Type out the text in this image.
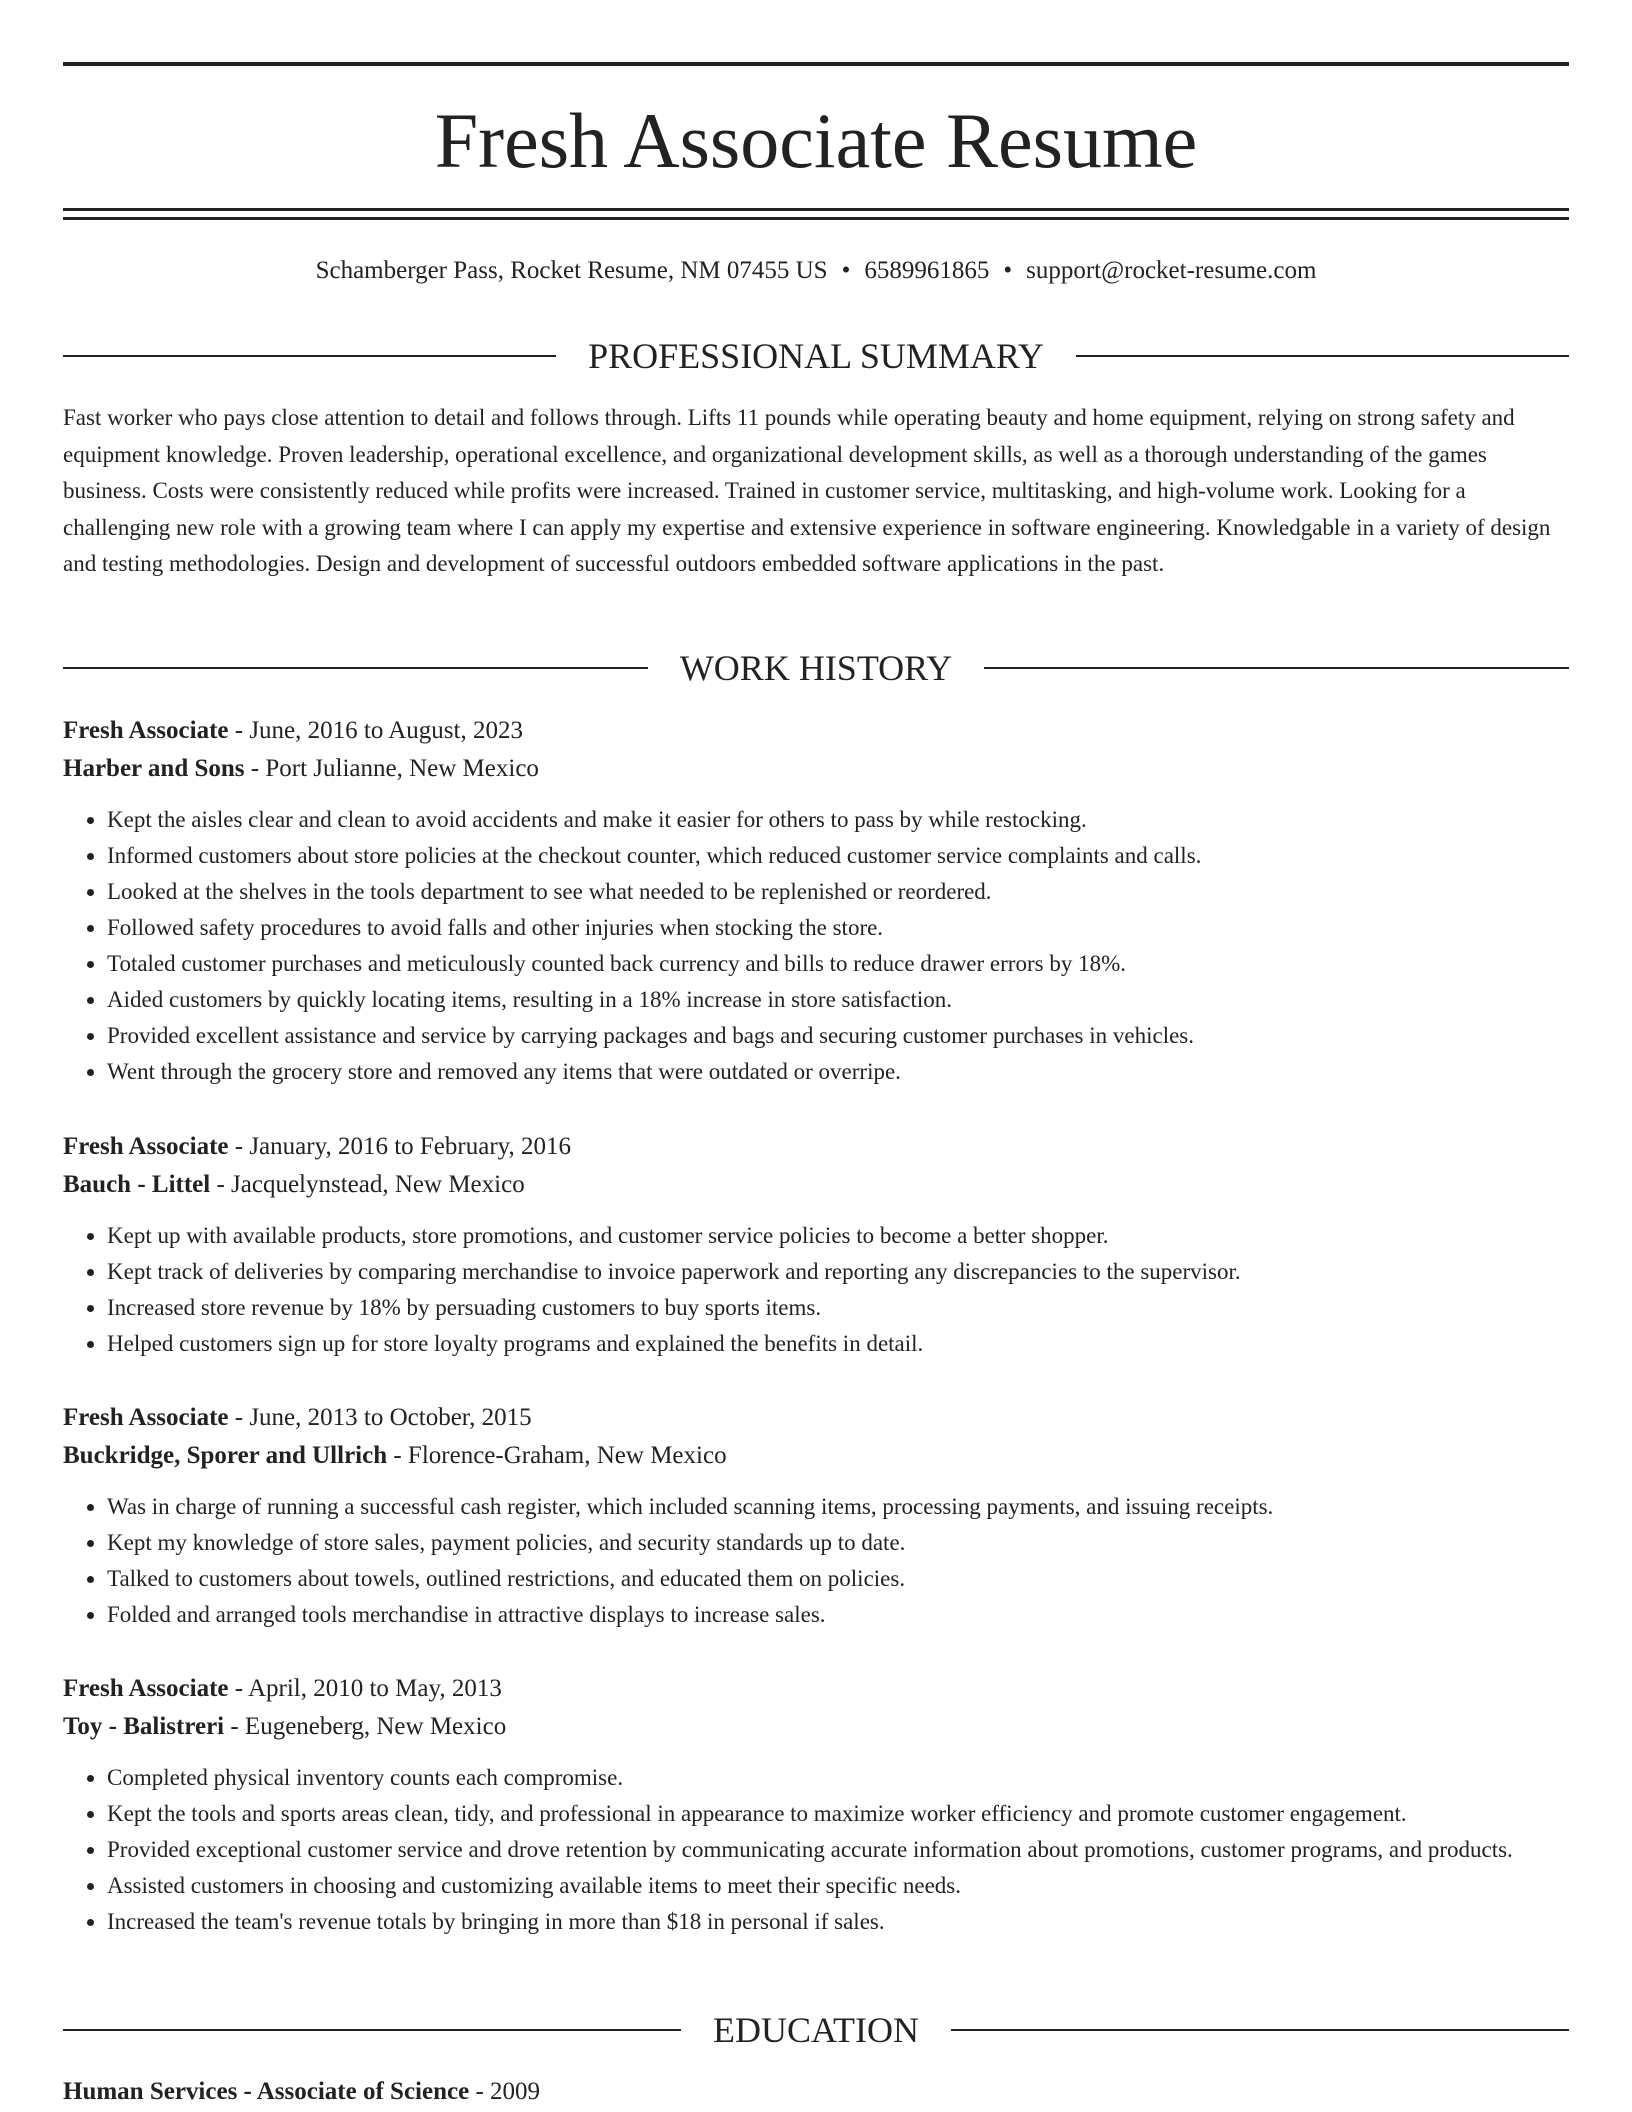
Fresh Associate Resume
Schamberger Pass, Rocket Resume, NM 07455 US • 6589961865 • support@rocket-resume.com
PROFESSIONAL SUMMARY

Fast worker who pays close attention to detail and follows through. Lifts 11 pounds while operating beauty and home equipment, relying on strong safety and equipment knowledge. Proven leadership, operational excellence, and organizational development skills, as well as a thorough understanding of the games business. Costs were consistently reduced while profits were increased. Trained in customer service, multitasking, and high-volume work. Looking for a challenging new role with a growing team where I can apply my expertise and extensive experience in software engineering. Knowledgable in a variety of design and testing methodologies. Design and development of successful outdoors embedded software applications in the past.

WORK HISTORY
Fresh Associate - June, 2016 to August, 2023
Harber and Sons - Port Julianne, New Mexico
• Kept the aisles clear and clean to avoid accidents and make it easier for others to pass by while restocking.
• Informed customers about store policies at the checkout counter, which reduced customer service complaints and calls.
• Looked at the shelves in the tools department to see what needed to be replenished or reordered.
• Followed safety procedures to avoid falls and other injuries when stocking the store.
• Totaled customer purchases and meticulously counted back currency and bills to reduce drawer errors by 18%.
• Aided customers by quickly locating items, resulting in a 18% increase in store satisfaction.
• Provided excellent assistance and service by carrying packages and bags and securing customer purchases in vehicles.
• Went through the grocery store and removed any items that were outdated or overripe.
Fresh Associate - January, 2016 to February, 2016
Bauch - Littel - Jacquelynstead, New Mexico
• Kept up with available products, store promotions, and customer service policies to become a better shopper.
• Kept track of deliveries by comparing merchandise to invoice paperwork and reporting any discrepancies to the supervisor.
• Increased store revenue by 18% by persuading customers to buy sports items.
• Helped customers sign up for store loyalty programs and explained the benefits in detail.
Fresh Associate - June, 2013 to October, 2015
Buckridge, Sporer and Ullrich - Florence-Graham, New Mexico
• Was in charge of running a successful cash register, which included scanning items, processing payments, and issuing receipts.
• Kept my knowledge of store sales, payment policies, and security standards up to date.
• Talked to customers about towels, outlined restrictions, and educated them on policies.
• Folded and arranged tools merchandise in attractive displays to increase sales.
Fresh Associate - April, 2010 to May, 2013
Toy - Balistreri - Eugeneberg, New Mexico
• Completed physical inventory counts each compromise.
• Kept the tools and sports areas clean, tidy, and professional in appearance to maximize worker efficiency and promote customer engagement.
• Provided exceptional customer service and drove retention by communicating accurate information about promotions, customer programs, and products.
• Assisted customers in choosing and customizing available items to meet their specific needs.
• Increased the team's revenue totals by bringing in more than $18 in personal if sales.
EDUCATION
Human Services - Associate of Science - 2009
